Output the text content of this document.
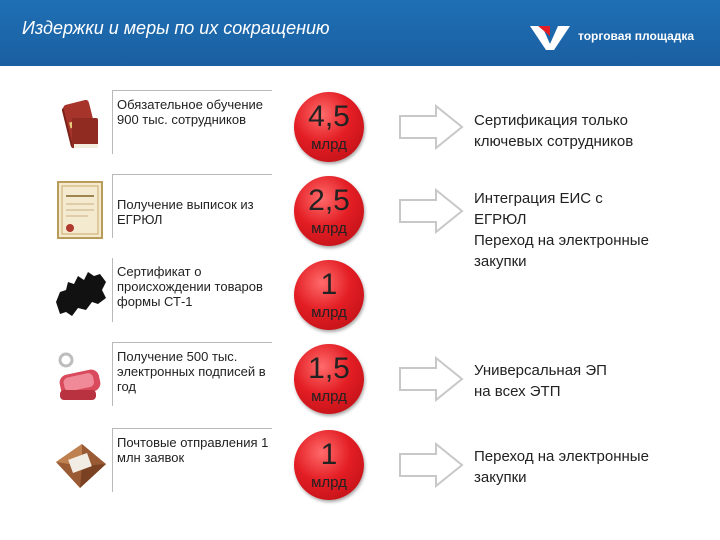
Издержки и меры по их сокращению	торговая площадка
Обязательное обучение 900 тыс. сотрудников	4,5
млрд
Сертификация только
ключевых сотрудников
Получение выписок из ЕГРЮЛ
2,5
млрд
Интеграция ЕИС с
ЕГРЮЛ
Переход на электронные
закупки
Сертификат о происхождении товаров формы СТ-1
1
млрд
Получение 500 тыс. электронных подписей в год
1,5
млрд
Универсальная ЭП
на всех ЭТП
Почтовые отправления 1 млн заявок	1
млрд
Переход на электронные
закупки
